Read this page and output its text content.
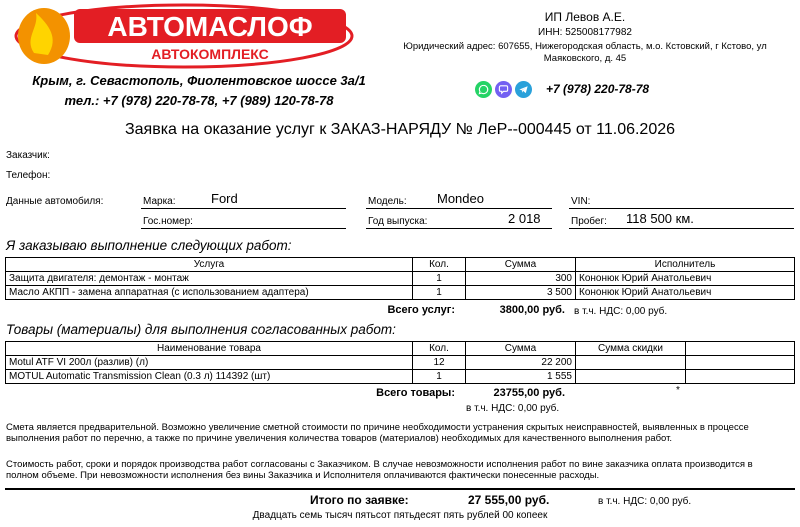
АВТОМАСЛОФ
АВТОКОМПЛЕКС
Крым, г. Севастополь, Фиолентовское шоссе 3а/1
тел.: +7 (978) 220-78-78, +7 (989) 120-78-78
ИП Левов А.Е.
ИНН: 525008177982
Юридический адрес: 607655, Нижегородская область, м.о. Кстовский, г Кстово, ул Маяковского, д. 45
+7 (978) 220-78-78
Заявка на оказание услуг к ЗАКАЗ-НАРЯДУ № ЛеР--000445 от 11.06.2026
Заказчик:
Телефон:
Данные автомобиля:	Марка:	Ford	Модель: Mondeo	VIN:
Гос.номер:	Год выпуска:	2 018	Пробег: 118 500 км.
Я заказываю выполнение следующих работ:
Услуга	Кол.	Сумма	Исполнитель
Защита двигателя: демонтаж - монтаж	1	300	Кононюк Юрий Анатольевич
Масло АКПП - замена аппаратная (с использованием адаптера)	1	3 500	Кононюк Юрий Анатольевич
Всего услуг:	3800,00 руб. в т.ч. НДС: 0,00 руб.
Товары (материалы) для выполнения согласованных работ:
Наименование товара	Кол.	Сумма	Сумма скидки	
Motul ATF VI 200л (разлив) (л)	12	22 200		
MOTUL Automatic Transmission Clean (0.3 л) 114392 (шт)	1	1 555		
Всего товары:	23755,00 руб.	*
в т.ч. НДС: 0,00 руб.
Смета является предварительной. Возможно увеличение сметной стоимости по причине необходимости устранения скрытых неисправностей, выявленных в процессе выполнения работ по перечню, а также по причине увеличения количества товаров (материалов) необходимых для качественного выполнения работ.
Стоимость работ, сроки и порядок производства работ согласованы с Заказчиком. В случае невозможности исполнения работ по вине заказчика оплата производится в полном объеме. При невозможности исполнения без вины Заказчика и Исполнителя оплачиваются фактически понесенные расходы.
Итого по заявке:	27 555,00 руб.	в т.ч. НДС: 0,00 руб.
Двадцать семь тысяч пятьсот пятьдесят пять рублей 00 копеек
